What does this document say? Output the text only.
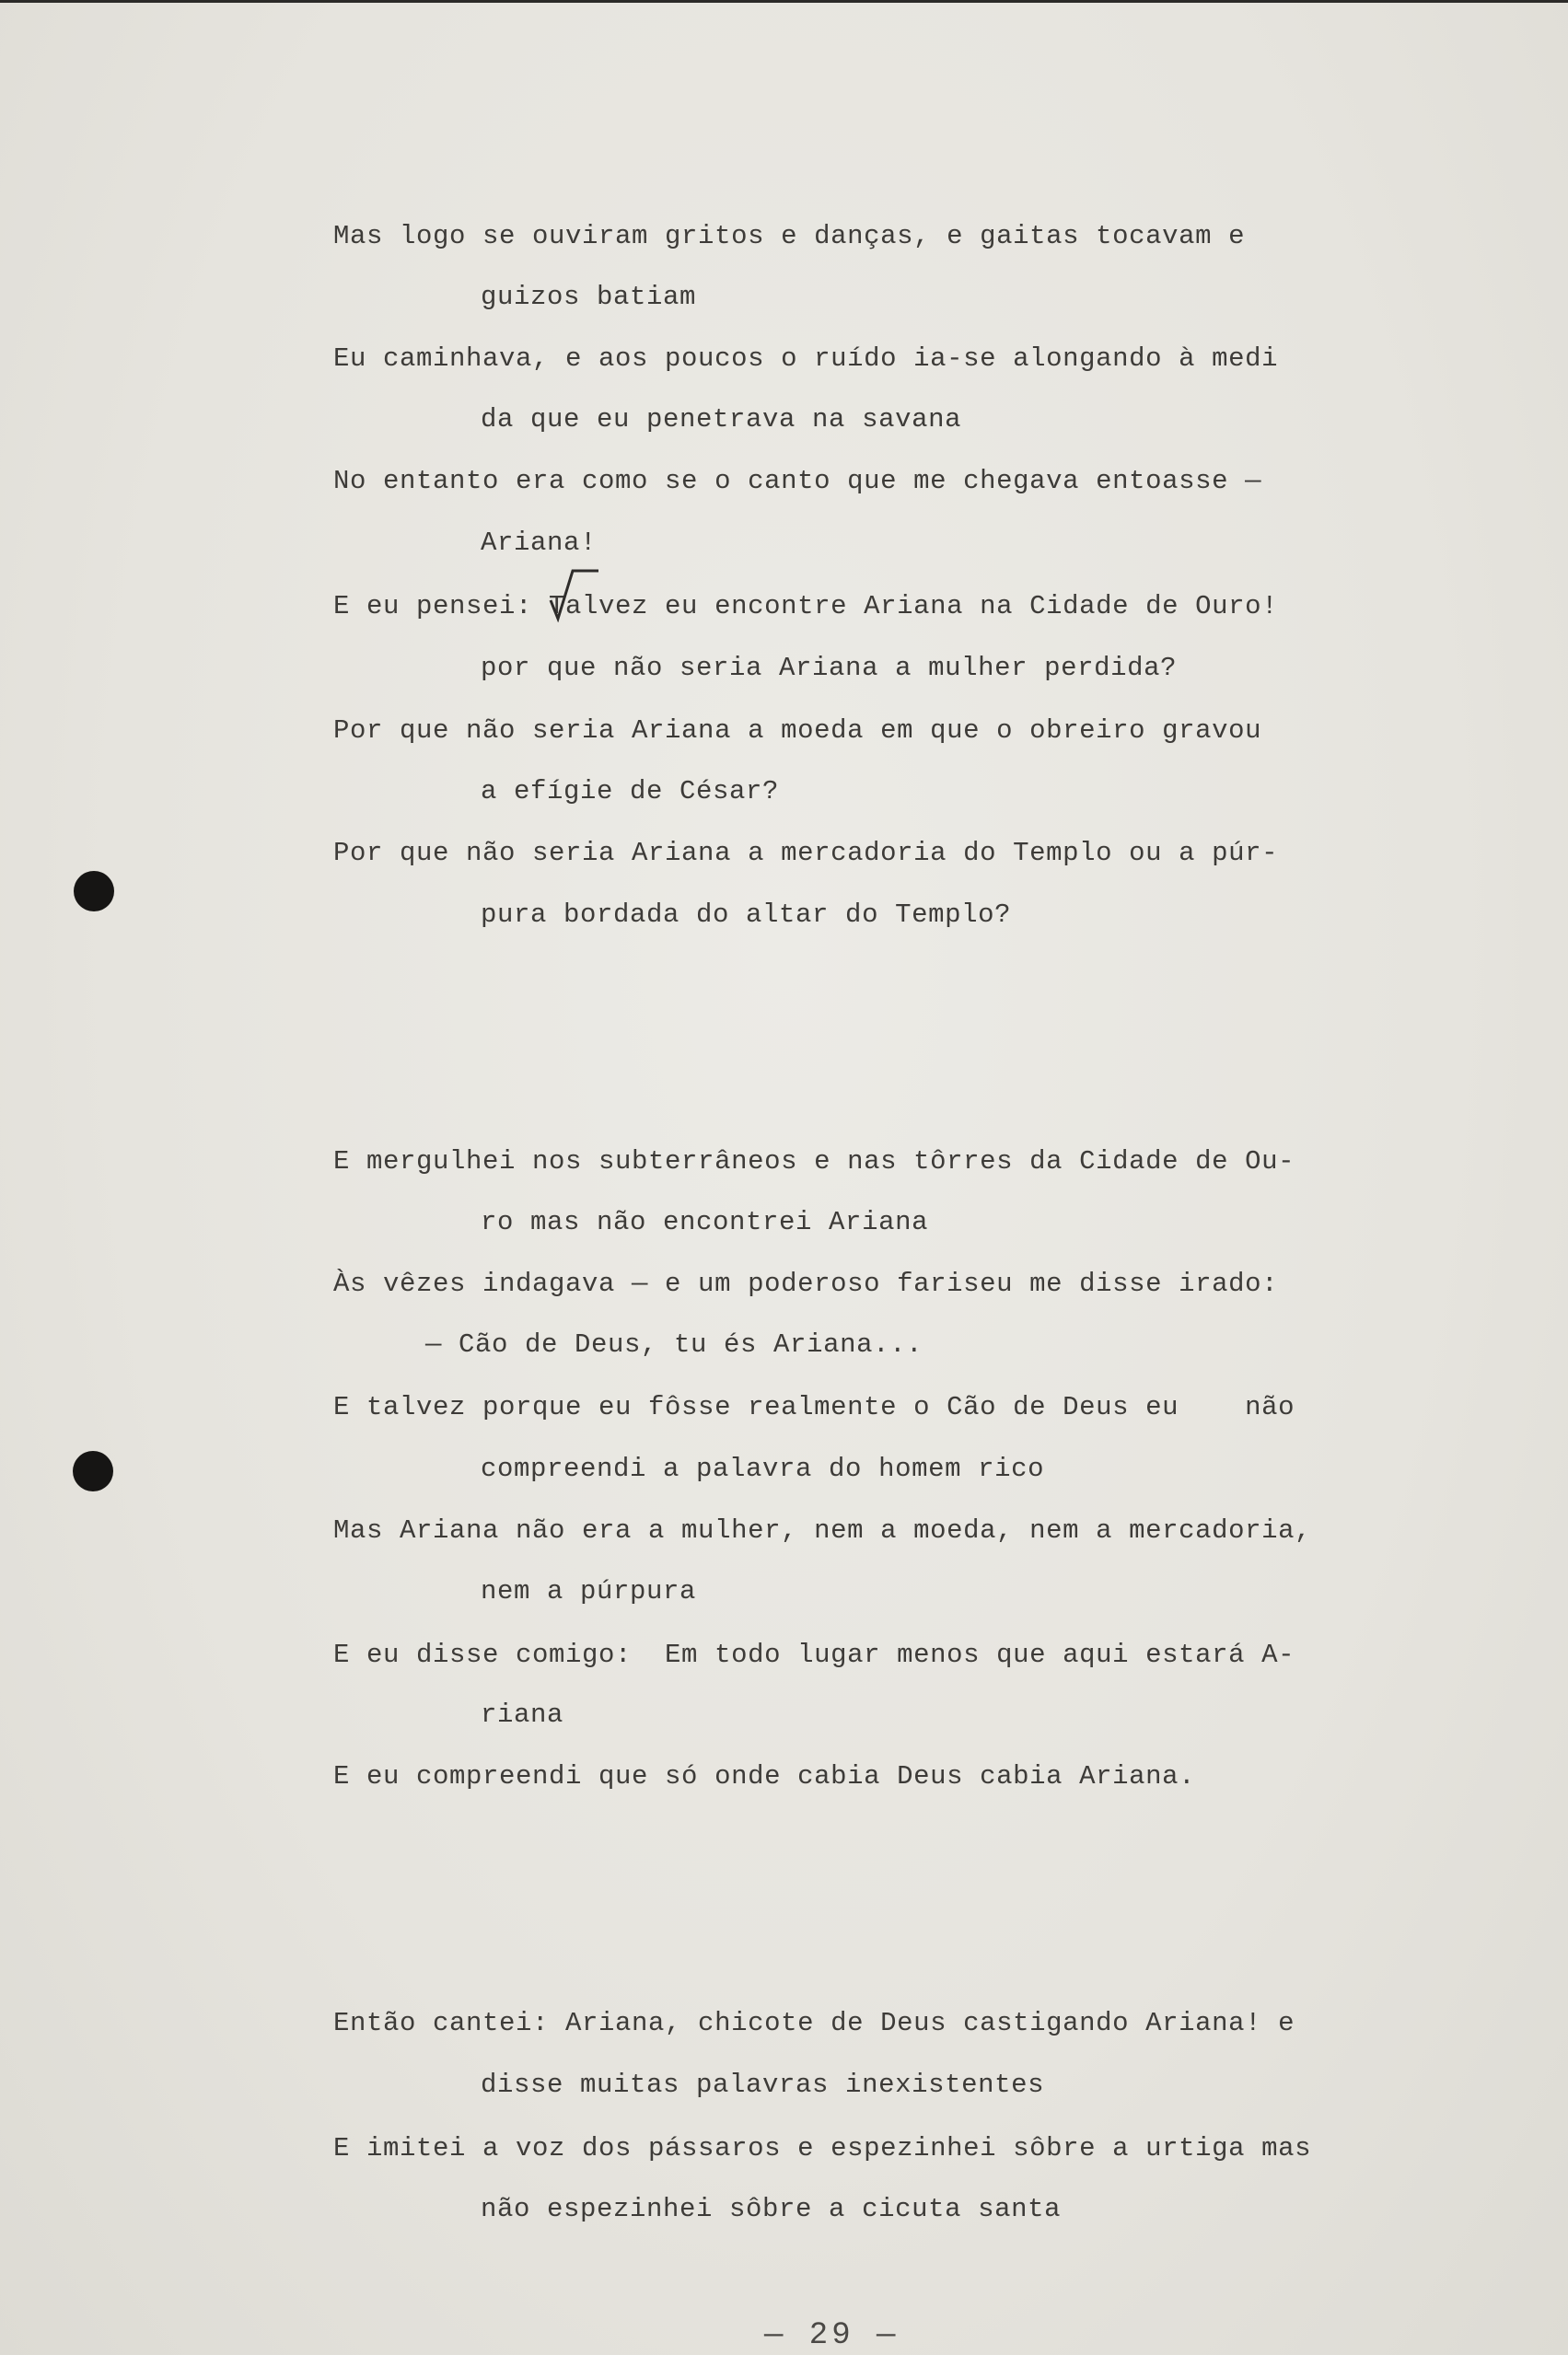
Mas logo se ouviram gritos e danças, e gaitas tocavam e
guizos batiam
Eu caminhava, e aos poucos o ruído ia-se alongando à medi
da que eu penetrava na savana
No entanto era como se o canto que me chegava entoasse —
Ariana!
E eu pensei: Talvez eu encontre Ariana na Cidade de Ouro!
por que não seria Ariana a mulher perdida?
Por que não seria Ariana a moeda em que o obreiro gravou
a efígie de César?
Por que não seria Ariana a mercadoria do Templo ou a púr-
pura bordada do altar do Templo?
E mergulhei nos subterrâneos e nas tôrres da Cidade de Ou-
ro mas não encontrei Ariana
Às vêzes indagava — e um poderoso fariseu me disse irado:
— Cão de Deus, tu és Ariana...
E talvez porque eu fôsse realmente o Cão de Deus eu    não
compreendi a palavra do homem rico
Mas Ariana não era a mulher, nem a moeda, nem a mercadoria,
nem a púrpura
E eu disse comigo:  Em todo lugar menos que aqui estará A-
riana
E eu compreendi que só onde cabia Deus cabia Ariana.
Então cantei: Ariana, chicote de Deus castigando Ariana! e
disse muitas palavras inexistentes
E imitei a voz dos pássaros e espezinhei sôbre a urtiga mas
não espezinhei sôbre a cicuta santa
— 29 —
